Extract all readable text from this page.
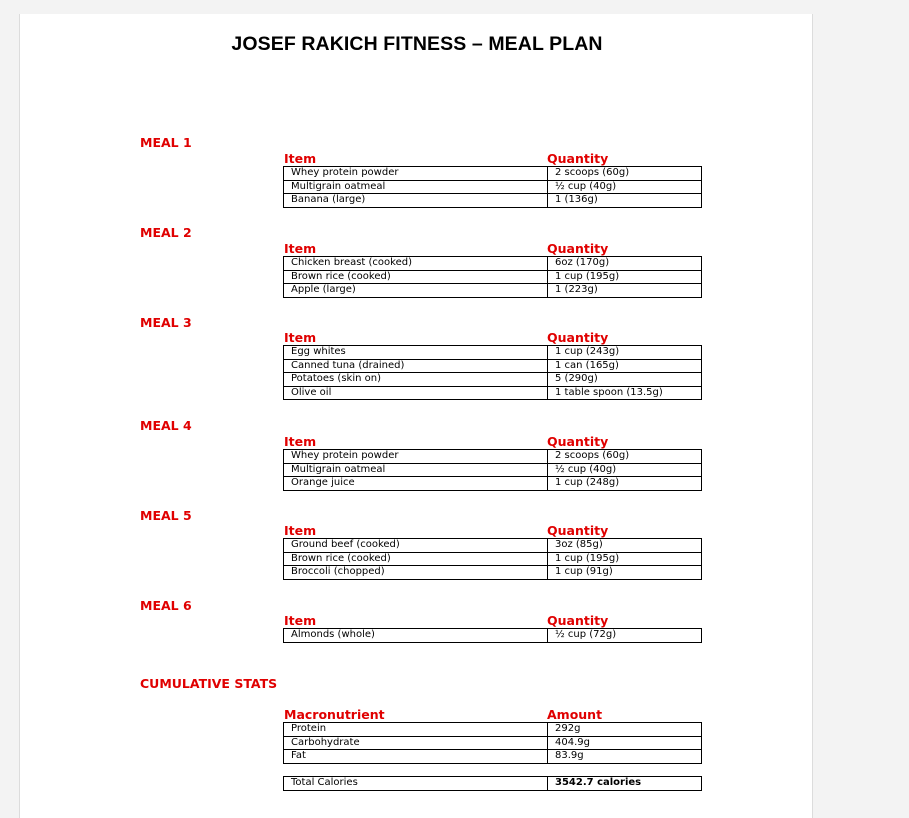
JOSEF RAKICH FITNESS – MEAL PLAN
MEAL 1
Item	Quantity
Whey protein powder	2 scoops (60g)
Multigrain oatmeal	½ cup (40g)
Banana (large)	1 (136g)
MEAL 2
Item	Quantity
Chicken breast (cooked)	6oz (170g)
Brown rice (cooked)	1 cup (195g)
Apple (large)	1 (223g)
MEAL 3
Item	Quantity
Egg whites	1 cup (243g)
Canned tuna (drained)	1 can (165g)
Potatoes (skin on)	5 (290g)
Olive oil	1 table spoon (13.5g)
MEAL 4
Item	Quantity
Whey protein powder	2 scoops (60g)
Multigrain oatmeal	½ cup (40g)
Orange juice	1 cup (248g)
MEAL 5
Item	Quantity
Ground beef (cooked)	3oz (85g)
Brown rice (cooked)	1 cup (195g)
Broccoli (chopped)	1 cup (91g)
MEAL 6
Item	Quantity
Almonds (whole)	½ cup (72g)
CUMULATIVE STATS
Macronutrient	Amount
Protein	292g
Carbohydrate	404.9g
Fat	83.9g
Total Calories	3542.7 calories
